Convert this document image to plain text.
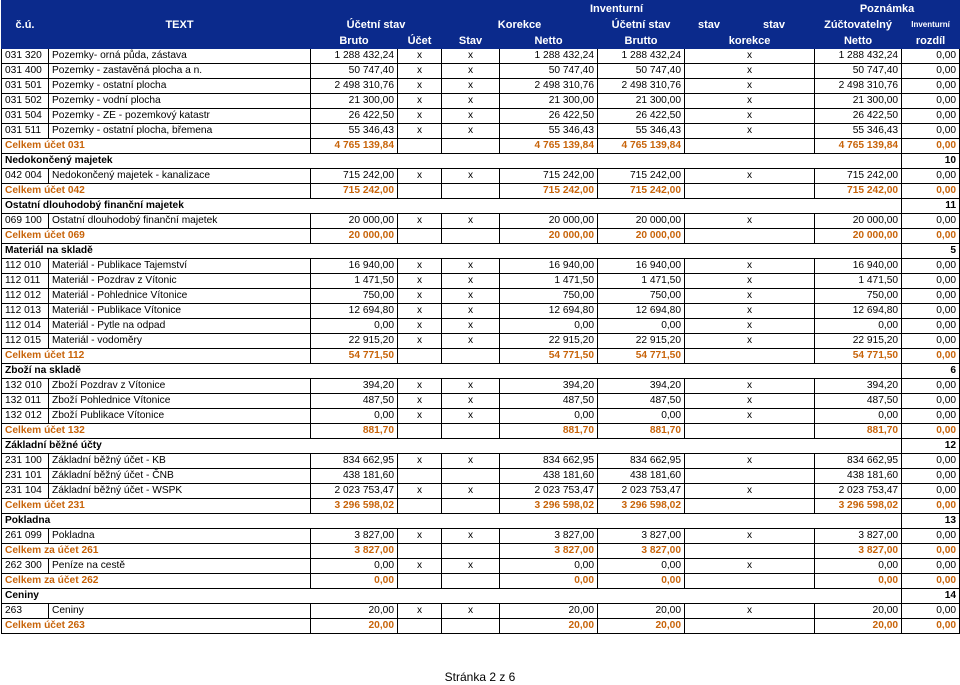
					Inventurní				Poznámka		
č.ú.	TEXT	Účetní stav		Korekce		Účetní stav	stav	stav	Zúčtovatelný	Inventurní	
		Bruto	Účet	Stav	Netto	Brutto	korekce		Netto	rozdíl	
031 320	Pozemky- orná půda, zástava	1 288 432,24	x	x	1 288 432,24	1 288 432,24	x		1 288 432,24	0,00	
031 400	Pozemky - zastavěná plocha a n.	50 747,40	x	x	50 747,40	50 747,40	x		50 747,40	0,00	
031 501	Pozemky - ostatní plocha	2 498 310,76	x	x	2 498 310,76	2 498 310,76	x		2 498 310,76	0,00	
031 502	Pozemky - vodní plocha	21 300,00	x	x	21 300,00	21 300,00	x		21 300,00	0,00	
031 504	Pozemky - ZE - pozemkový katastr	26 422,50	x	x	26 422,50	26 422,50	x		26 422,50	0,00	
031 511	Pozemky - ostatní plocha, břemena	55 346,43	x	x	55 346,43	55 346,43	x		55 346,43	0,00	
Celkem účet 031		4 765 139,84			4 765 139,84	4 765 139,84			4 765 139,84	0,00	
Nedokončený majetek										10	
042 004	Nedokončený majetek - kanalizace	715 242,00	x	x	715 242,00	715 242,00	x		715 242,00	0,00	
Celkem účet 042		715 242,00			715 242,00	715 242,00			715 242,00	0,00	
Ostatní dlouhodobý finanční majetek										11	
069 100	Ostatní dlouhodobý finanční majetek	20 000,00	x	x	20 000,00	20 000,00	x		20 000,00	0,00	
Celkem účet 069		20 000,00			20 000,00	20 000,00			20 000,00	0,00	
Materiál na skladě										5	
112 010	Materiál - Publikace Tajemství	16 940,00	x	x	16 940,00	16 940,00	x		16 940,00	0,00	
112 011	Materiál - Pozdrav z Vítonic	1 471,50	x	x	1 471,50	1 471,50	x		1 471,50	0,00	
112 012	Materiál - Pohlednice Vítonice	750,00	x	x	750,00	750,00	x		750,00	0,00	
112 013	Materiál - Publikace Vítonice	12 694,80	x	x	12 694,80	12 694,80	x		12 694,80	0,00	
112 014	Materiál - Pytle na odpad	0,00	x	x	0,00	0,00	x		0,00	0,00	
112 015	Materiál - vodoměry	22 915,20	x	x	22 915,20	22 915,20	x		22 915,20	0,00	
Celkem účet 112		54 771,50			54 771,50	54 771,50			54 771,50	0,00	
Zboží na skladě										6	
132 010	Zboží Pozdrav z Vítonice	394,20	x	x	394,20	394,20	x		394,20	0,00	
132 011	Zboží Pohlednice Vítonice	487,50	x	x	487,50	487,50	x		487,50	0,00	
132 012	Zboží Publikace Vítonice	0,00	x	x	0,00	0,00	x		0,00	0,00	
Celkem účet 132		881,70			881,70	881,70			881,70	0,00	
Základní běžné účty										12	
231 100	Základní běžný účet - KB	834 662,95	x	x	834 662,95	834 662,95	x		834 662,95	0,00	
231 101	Základní běžný účet - ČNB	438 181,60			438 181,60	438 181,60			438 181,60	0,00	
231 104	Základní běžný účet - WSPK	2 023 753,47	x	x	2 023 753,47	2 023 753,47	x		2 023 753,47	0,00	
Celkem účet 231		3 296 598,02			3 296 598,02	3 296 598,02			3 296 598,02	0,00	
Pokladna										13	
261 099	Pokladna	3 827,00	x	x	3 827,00	3 827,00	x		3 827,00	0,00	
Celkem za účet 261		3 827,00			3 827,00	3 827,00			3 827,00	0,00	
262 300	Peníze na cestě	0,00	x	x	0,00	0,00	x		0,00	0,00	
Celkem za účet 262		0,00			0,00	0,00			0,00	0,00	
Ceniny										14	
263	Ceniny	20,00	x	x	20,00	20,00	x		20,00	0,00	
Celkem účet 263		20,00			20,00	20,00			20,00	0,00	
Stránka 2 z 6
